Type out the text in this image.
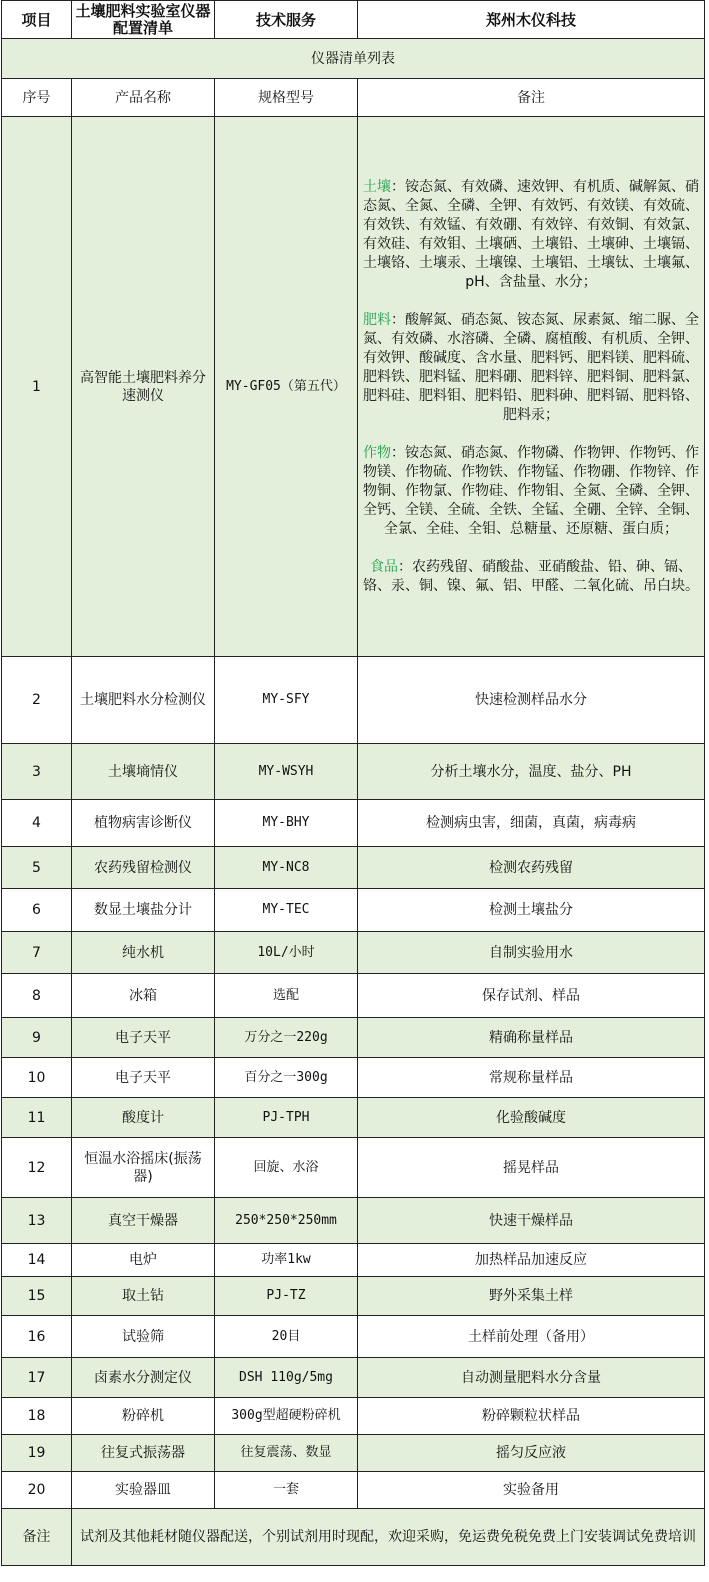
项目	土壤肥料实验室仪器配置清单	技术服务	郑州木仪科技
仪器清单列表			
序号	产品名称	规格型号	备注
1	高智能土壤肥料养分速测仪	MY-GF05（第五代）	土壤：铵态氮、有效磷、速效钾、有机质、碱解氮、硝态氮、全氮、全磷、全钾、有效钙、有效镁、有效硫、有效铁、有效锰、有效硼、有效锌、有效铜、有效氯、有效硅、有效钼、土壤硒、土壤铅、土壤砷、土壤镉、土壤铬、土壤汞、土壤镍、土壤铝、土壤钛、土壤氟、pH、含盐量、水分；
肥料：酸解氮、硝态氮、铵态氮、尿素氮、缩二脲、全氮、有效磷、水溶磷、全磷、腐植酸、有机质、全钾、有效钾、酸碱度、含水量、肥料钙、肥料镁、肥料硫、肥料铁、肥料锰、肥料硼、肥料锌、肥料铜、肥料氯、肥料硅、肥料钼、肥料铅、肥料砷、肥料镉、肥料铬、肥料汞；
作物：铵态氮、硝态氮、作物磷、作物钾、作物钙、作物镁、作物硫、作物铁、作物锰、作物硼、作物锌、作物铜、作物氯、作物硅、作物钼、全氮、全磷、全钾、全钙、全镁、全硫、全铁、全锰、全硼、全锌、全铜、全氯、全硅、全钼、总糖量、还原糖、蛋白质；
食品：农药残留、硝酸盐、亚硝酸盐、铅、砷、镉、铬、汞、铜、镍、氟、铝、甲醛、二氧化硫、吊白块。

2	土壤肥料水分检测仪	MY-SFY	快速检测样品水分
3	土壤墒情仪	MY-WSYH	分析土壤水分，温度、盐分、PH
4	植物病害诊断仪	MY-BHY	检测病虫害，细菌，真菌，病毒病
5	农药残留检测仪	MY-NC8	检测农药残留
6	数显土壤盐分计	MY-TEC	检测土壤盐分
7	纯水机	10L/小时	自制实验用水
8	冰箱	选配	保存试剂、样品
9	电子天平	万分之一220g	精确称量样品
10	电子天平	百分之一300g	常规称量样品
11	酸度计	PJ-TPH	化验酸碱度
12	恒温水浴摇床(振荡器)	回旋、水浴	摇晃样品
13	真空干燥器	250*250*250mm	快速干燥样品
14	电炉	功率1kw	加热样品加速反应
15	取土钻	PJ-TZ	野外采集土样
16	试验筛	20目	土样前处理（备用）
17	卤素水分测定仪	DSH 110g/5mg	自动测量肥料水分含量
18	粉碎机	300g型超硬粉碎机	粉碎颗粒状样品
19	往复式振荡器	往复震荡、数显	摇匀反应液
20	实验器皿	一套	实验备用
备注	试剂及其他耗材随仪器配送，个别试剂用时现配，欢迎采购，免运费免税免费上门安装调试免费培训		
